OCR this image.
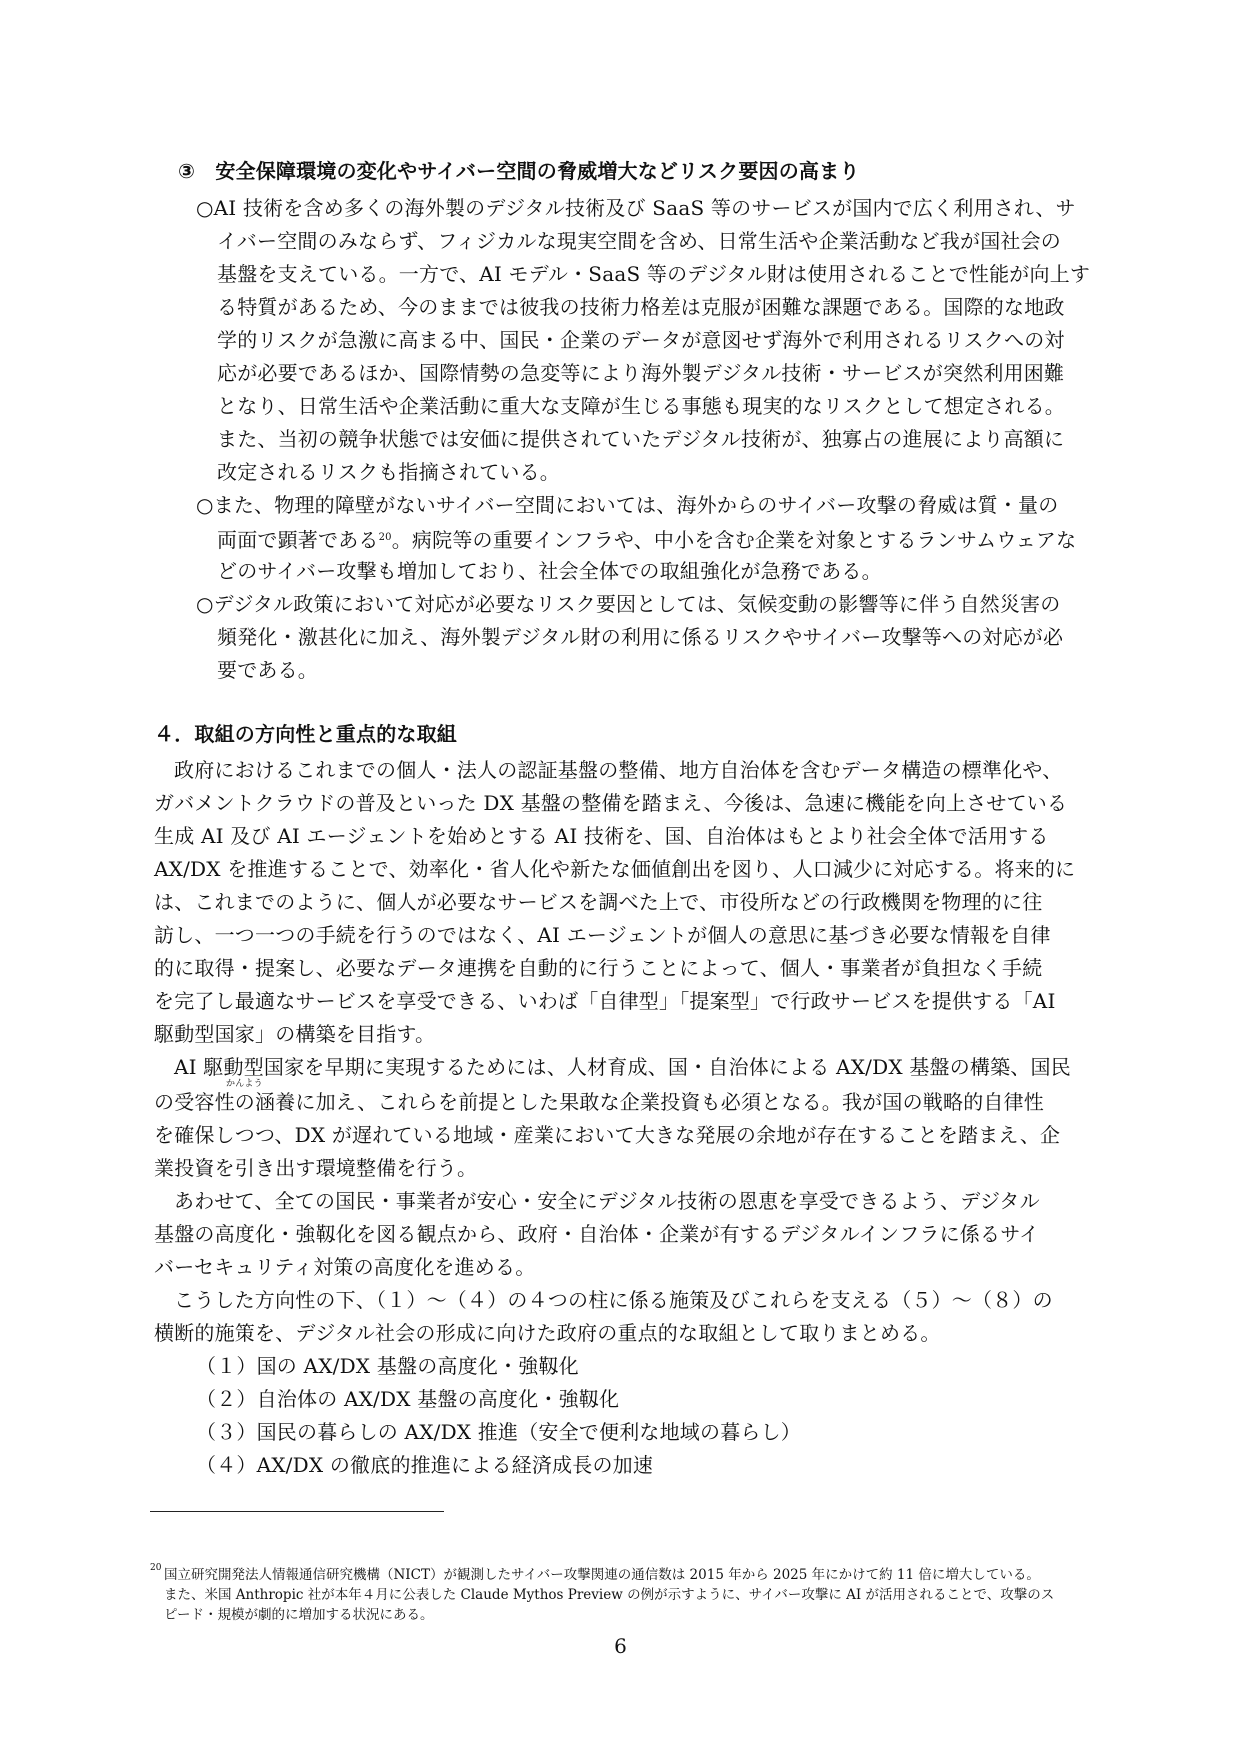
③　安全保障環境の変化やサイバー空間の脅威増大などリスク要因の高まり
○AI 技術を含め多くの海外製のデジタル技術及び SaaS 等のサービスが国内で広く利用され、サ
イバー空間のみならず、フィジカルな現実空間を含め、日常生活や企業活動など我が国社会の
基盤を支えている。一方で、AI モデル・SaaS 等のデジタル財は使用されることで性能が向上す
る特質があるため、今のままでは彼我の技術力格差は克服が困難な課題である。国際的な地政
学的リスクが急激に高まる中、国民・企業のデータが意図せず海外で利用されるリスクへの対
応が必要であるほか、国際情勢の急変等により海外製デジタル技術・サービスが突然利用困難
となり、日常生活や企業活動に重大な支障が生じる事態も現実的なリスクとして想定される。
また、当初の競争状態では安価に提供されていたデジタル技術が、独寡占の進展により高額に
改定されるリスクも指摘されている。
○また、物理的障壁がないサイバー空間においては、海外からのサイバー攻撃の脅威は質・量の
両面で顕著である$^{20}$。病院等の重要インフラや、中小を含む企業を対象とするランサムウェアな
どのサイバー攻撃も増加しており、社会全体での取組強化が急務である。
○デジタル政策において対応が必要なリスク要因としては、気候変動の影響等に伴う自然災害の
頻発化・激甚化に加え、海外製デジタル財の利用に係るリスクやサイバー攻撃等への対応が必
要である。
４．取組の方向性と重点的な取組
政府におけるこれまでの個人・法人の認証基盤の整備、地方自治体を含むデータ構造の標準化や、
ガバメントクラウドの普及といった DX 基盤の整備を踏まえ、今後は、急速に機能を向上させている
生成 AI 及び AI エージェントを始めとする AI 技術を、国、自治体はもとより社会全体で活用する
AX/DX を推進することで、効率化・省人化や新たな価値創出を図り、人口減少に対応する。将来的に
は、これまでのように、個人が必要なサービスを調べた上で、市役所などの行政機関を物理的に往
訪し、一つ一つの手続を行うのではなく、AI エージェントが個人の意思に基づき必要な情報を自律
的に取得・提案し、必要なデータ連携を自動的に行うことによって、個人・事業者が負担なく手続
を完了し最適なサービスを享受できる、いわば「自律型」「提案型」で行政サービスを提供する「AI
駆動型国家」の構築を目指す。
AI 駆動型国家を早期に実現するためには、人材育成、国・自治体による AX/DX 基盤の構築、国民
かんよう
の受容性の涵養に加え、これらを前提とした果敢な企業投資も必須となる。我が国の戦略的自律性
を確保しつつ、DX が遅れている地域・産業において大きな発展の余地が存在することを踏まえ、企
業投資を引き出す環境整備を行う。
あわせて、全ての国民・事業者が安心・安全にデジタル技術の恩恵を享受できるよう、デジタル
基盤の高度化・強靱化を図る観点から、政府・自治体・企業が有するデジタルインフラに係るサイ
バーセキュリティ対策の高度化を進める。
こうした方向性の下、（１）～（４）の４つの柱に係る施策及びこれらを支える（５）～（８）の
横断的施策を、デジタル社会の形成に向けた政府の重点的な取組として取りまとめる。
（１）国の AX/DX 基盤の高度化・強靱化
（２）自治体の AX/DX 基盤の高度化・強靱化
（３）国民の暮らしの AX/DX 推進（安全で便利な地域の暮らし）
（４）AX/DX の徹底的推進による経済成長の加速
20 国立研究開発法人情報通信研究機構（NICT）が観測したサイバー攻撃関連の通信数は 2015 年から 2025 年にかけて約 11 倍に増大している。
また、米国 Anthropic 社が本年４月に公表した Claude Mythos Preview の例が示すように、サイバー攻撃に AI が活用されることで、攻撃のス
ピード・規模が劇的に増加する状況にある。
6
